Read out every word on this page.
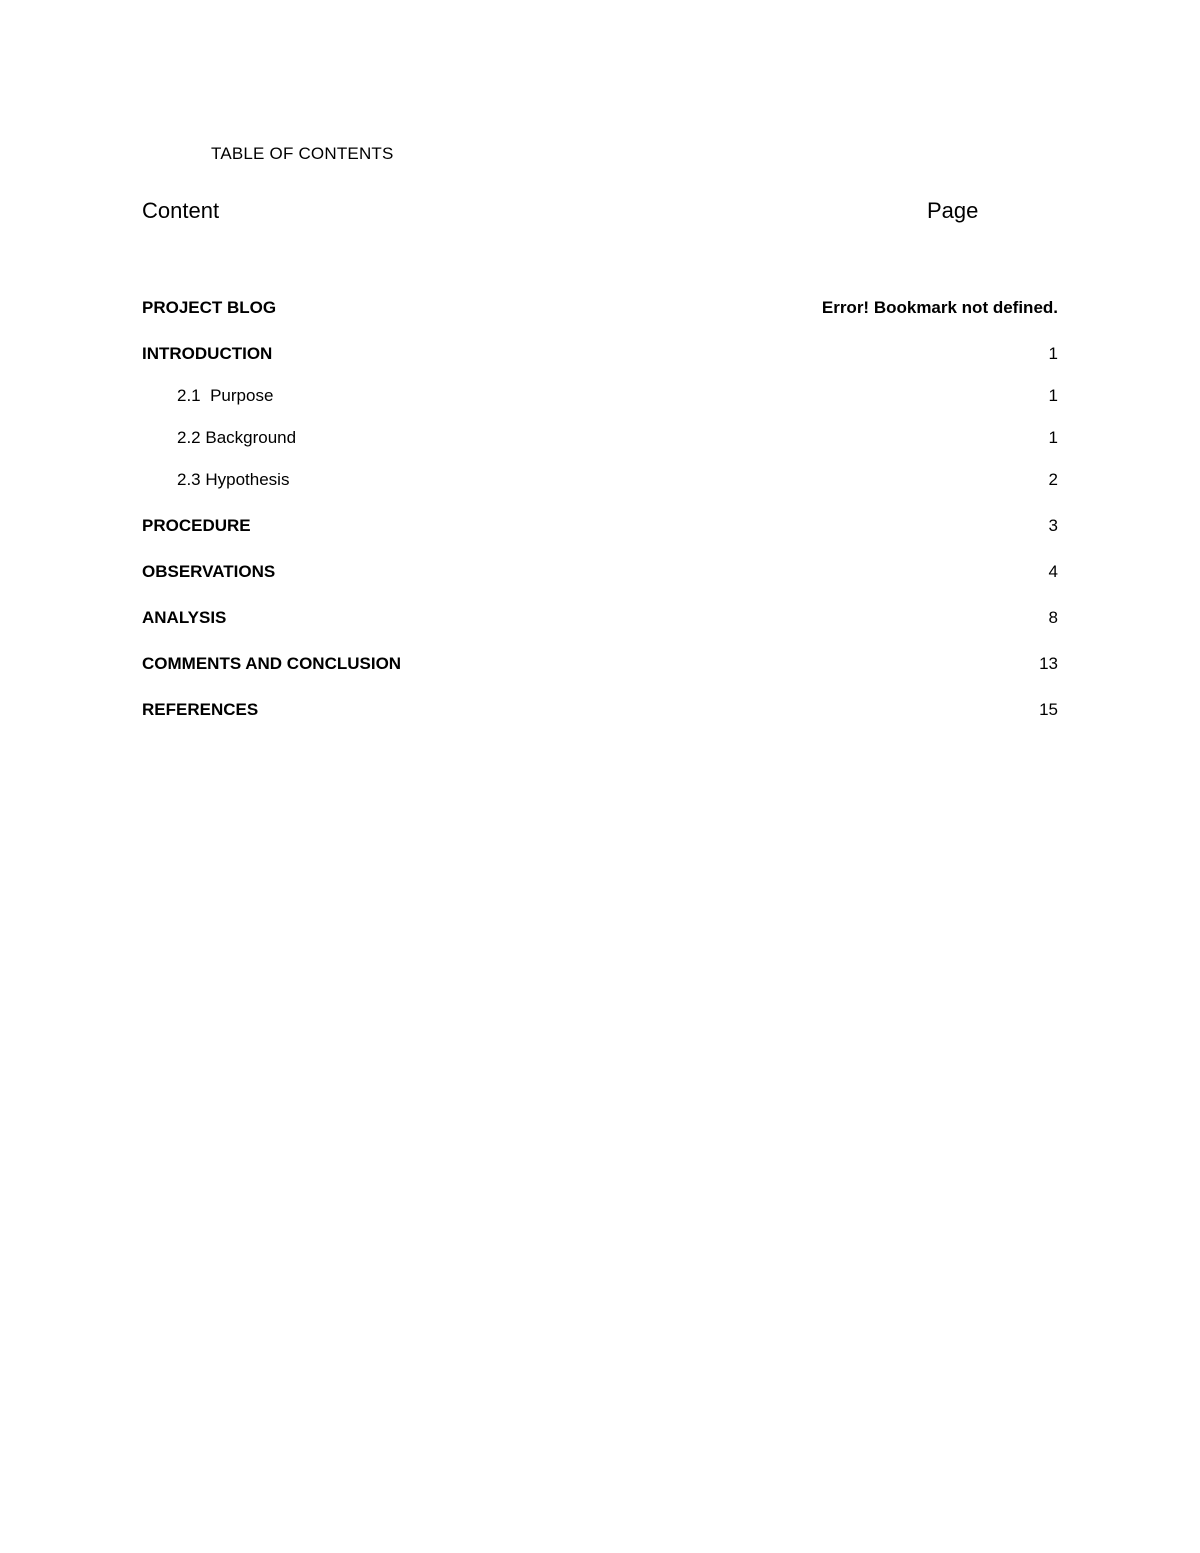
TABLE OF CONTENTS
Content	Page
PROJECT BLOG	Error! Bookmark not defined.
INTRODUCTION	1
2.1  Purpose	1
2.2 Background	1
2.3 Hypothesis	2
PROCEDURE	3
OBSERVATIONS	4
ANALYSIS	8
COMMENTS AND CONCLUSION	13
REFERENCES	15
